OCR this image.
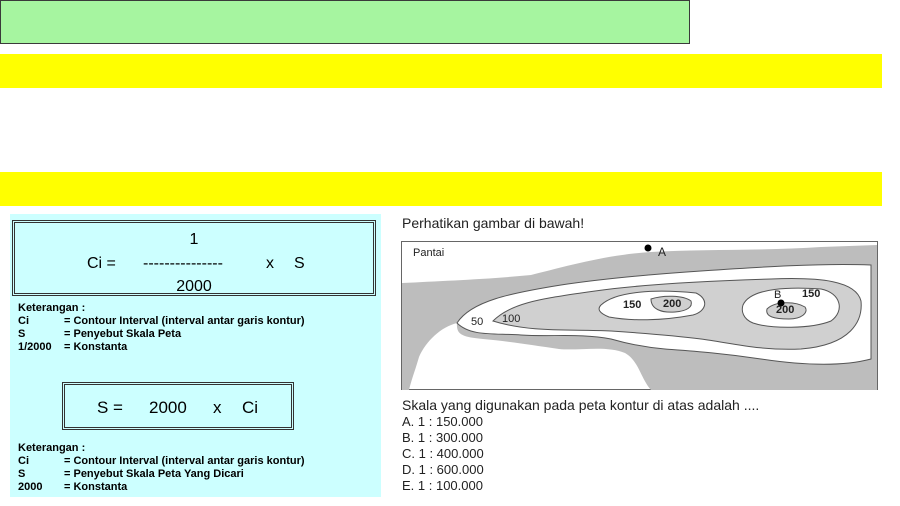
1
Ci = ---------------	x S
2000
Keterangan :
Ci	= Contour Interval (interval antar garis kontur)
S	= Penyebut Skala Peta
1/2000 = Konstanta
S = 2000 x Ci
Keterangan :
Ci	= Contour Interval (interval antar garis kontur)
S	= Penyebut Skala Peta Yang Dicari
2000 = Konstanta
Perhatikan gambar di bawah!
Pantai	A
B
50 100
150 200
150
200
Skala yang digunakan pada peta kontur di atas adalah ....
A. 1 : 150.000
B. 1 : 300.000
C. 1 : 400.000
D. 1 : 600.000
E. 1 : 100.000
